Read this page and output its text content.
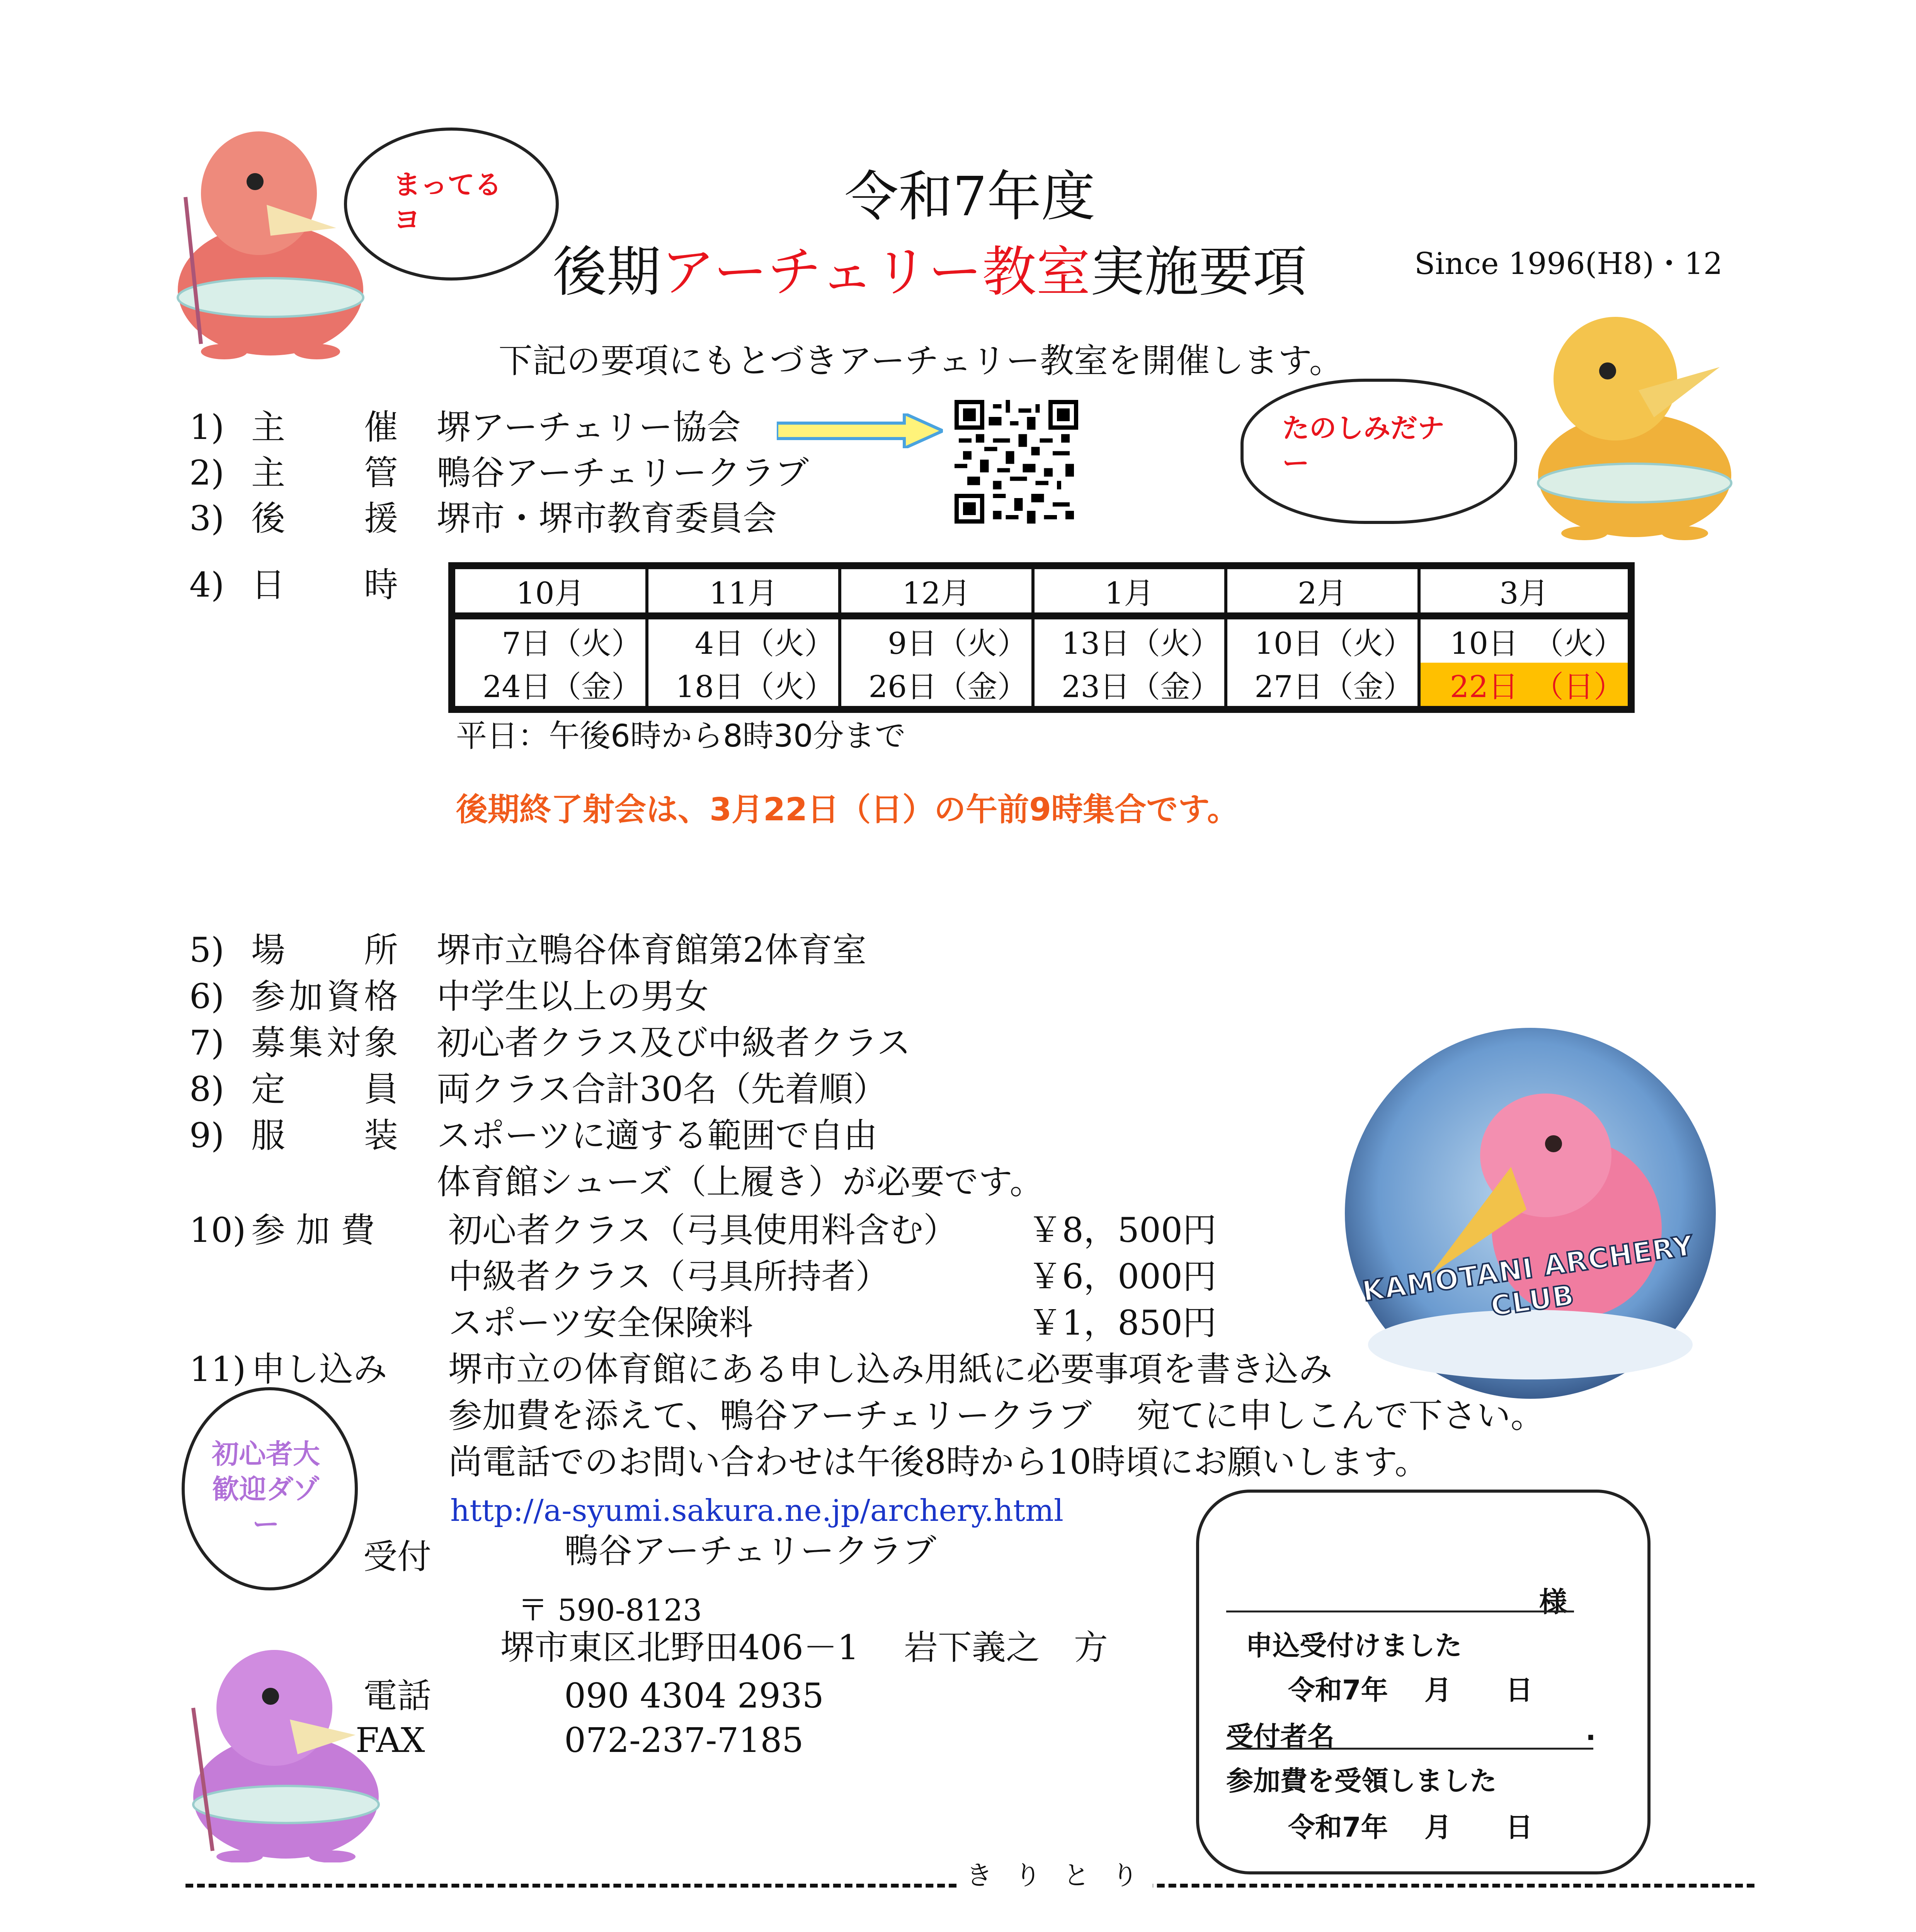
まってるヨ	令和7年度
後期アーチェリー教室実施要項	Since 1996(H8)・12
下記の要項にもとづきアーチェリー教室を開催します。
たのしみだナー
1) 主　催 堺アーチェリー協会
2) 主　管 鴨谷アーチェリークラブ
3) 後　援 堺市・堺市教育委員会
4) 日　時	10月	11月	12月	1月	2月	3月
7日（火）	4日（火）	9日（火）	13日（火）	10日（火）	10日　（火）
24日（金）	18日（火）	26日（金）	23日（金）	27日（金）	22日　（日）
平日：午後6時から8時30分まで
後期終了射会は、3月22日（日）の午前9時集合です。
5) 場　所 堺市立鴨谷体育館第2体育室
6) 参加資格 中学生以上の男女
7) 募集対象 初心者クラス及び中級者クラス
8) 定　員 両クラス合計30名（先着順）
9) 服　装 スポーツに適する範囲で自由
体育館シューズ（上履き）が必要です。
10) 参 加 費 初心者クラス（弓具使用料含む） ￥8，500円
中級者クラス（弓具所持者）	￥6，000円
スポーツ安全保険料	￥1，850円
KAMOTANI ARCHERY CLUB
11) 申し込み 堺市立の体育館にある申し込み用紙に必要事項を書き込み
参加費を添えて、鴨谷アーチェリークラブ　 宛てに申しこんで下さい。
尚電話でのお問い合わせは午後8時から10時頃にお願いします。
http://a-syumi.sakura.ne.jp/archery.html
初心者大歓迎ダゾー
受付	鴨谷アーチェリークラブ
〒 590-8123
堺市東区北野田406－1　 岩下義之　方
電話	090 4304 2935
FAX	072-237-7185
様
申込受付けました
令和7年　 月　　日
受付者名	.
参加費を受領しました
令和7年　 月　　日
き り と り
